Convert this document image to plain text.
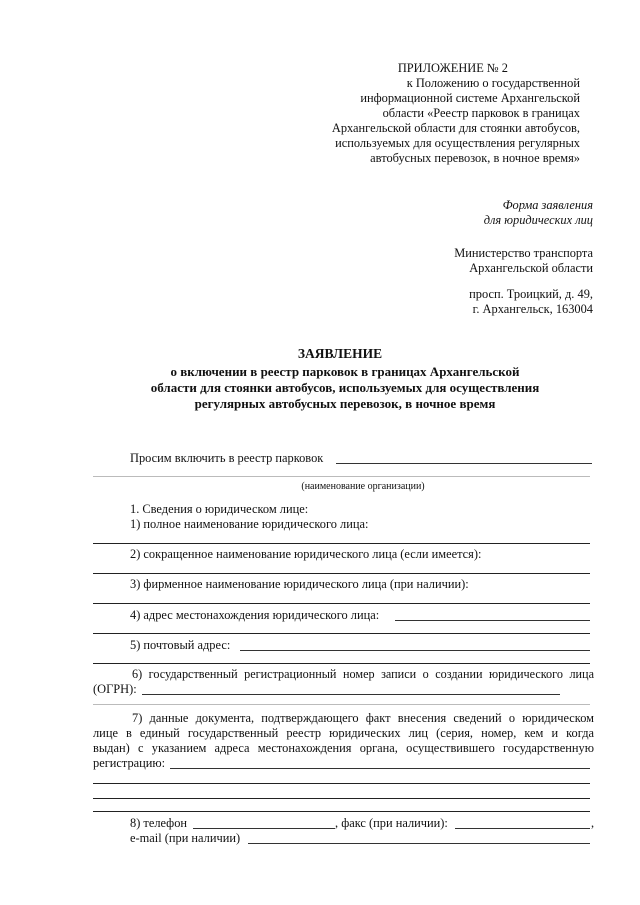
ПРИЛОЖЕНИЕ № 2
к Положению о государственной
информационной системе Архангельской
области «Реестр парковок в границах
Архангельской области для стоянки автобусов,
используемых для осуществления регулярных
автобусных перевозок, в ночное время»
Форма заявления
для юридических лиц
Министерство транспорта
Архангельской области
просп. Троицкий, д. 49,
г. Архангельск, 163004
ЗАЯВЛЕНИЕ
о включении в реестр парковок в границах Архангельской
области для стоянки автобусов, используемых для осуществления
регулярных автобусных перевозок, в ночное время
Просим включить в реестр парковок
(наименование организации)
1. Сведения о юридическом лице:
1) полное наименование юридического лица:
2) сокращенное наименование юридического лица (если имеется):
3) фирменное наименование юридического лица (при наличии):
4) адрес местонахождения юридического лица:
5) почтовый адрес:
6) государственный регистрационный номер записи о создании юридического лица
(ОГРН):
7) данные документа, подтверждающего факт внесения сведений о юридическом
лице в единый государственный реестр юридических лиц (серия, номер, кем и когда
выдан) с указанием адреса местонахождения органа, осуществившего государственную
регистрацию:
8) телефон	, факс (при наличии):	,
e-mail (при наличии)
